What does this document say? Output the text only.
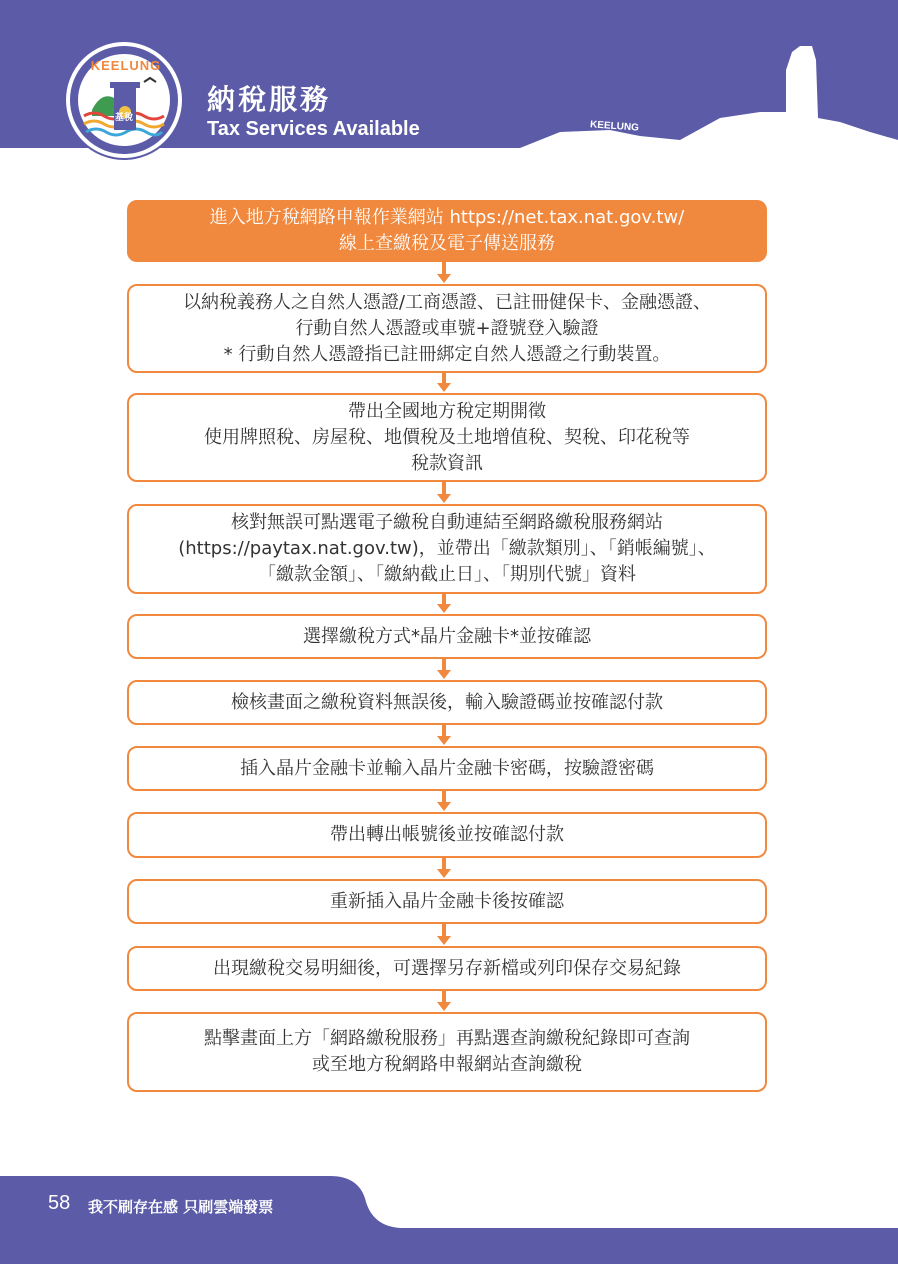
KEELUNG
KEELUNG
基稅
納稅服務
Tax Services Available
進入地方稅網路申報作業網站 https://net.tax.nat.gov.tw/
線上查繳稅及電子傳送服務
以納稅義務人之自然人憑證/工商憑證、已註冊健保卡、金融憑證、
行動自然人憑證或車號+證號登入驗證
* 行動自然人憑證指已註冊綁定自然人憑證之行動裝置。
帶出全國地方稅定期開徵
使用牌照稅、房屋稅、地價稅及土地增值稅、契稅、印花稅等
稅款資訊
核對無誤可點選電子繳稅自動連結至網路繳稅服務網站
(https://paytax.nat.gov.tw)，並帶出「繳款類別」、「銷帳編號」、
「繳款金額」、「繳納截止日」、「期別代號」資料
選擇繳稅方式*晶片金融卡*並按確認
檢核畫面之繳稅資料無誤後，輸入驗證碼並按確認付款
插入晶片金融卡並輸入晶片金融卡密碼，按驗證密碼
帶出轉出帳號後並按確認付款
重新插入晶片金融卡後按確認
出現繳稅交易明細後，可選擇另存新檔或列印保存交易紀錄
點擊畫面上方「網路繳稅服務」再點選查詢繳稅紀錄即可查詢
或至地方稅網路申報網站查詢繳稅
58 我不刷存在感 只刷雲端發票
